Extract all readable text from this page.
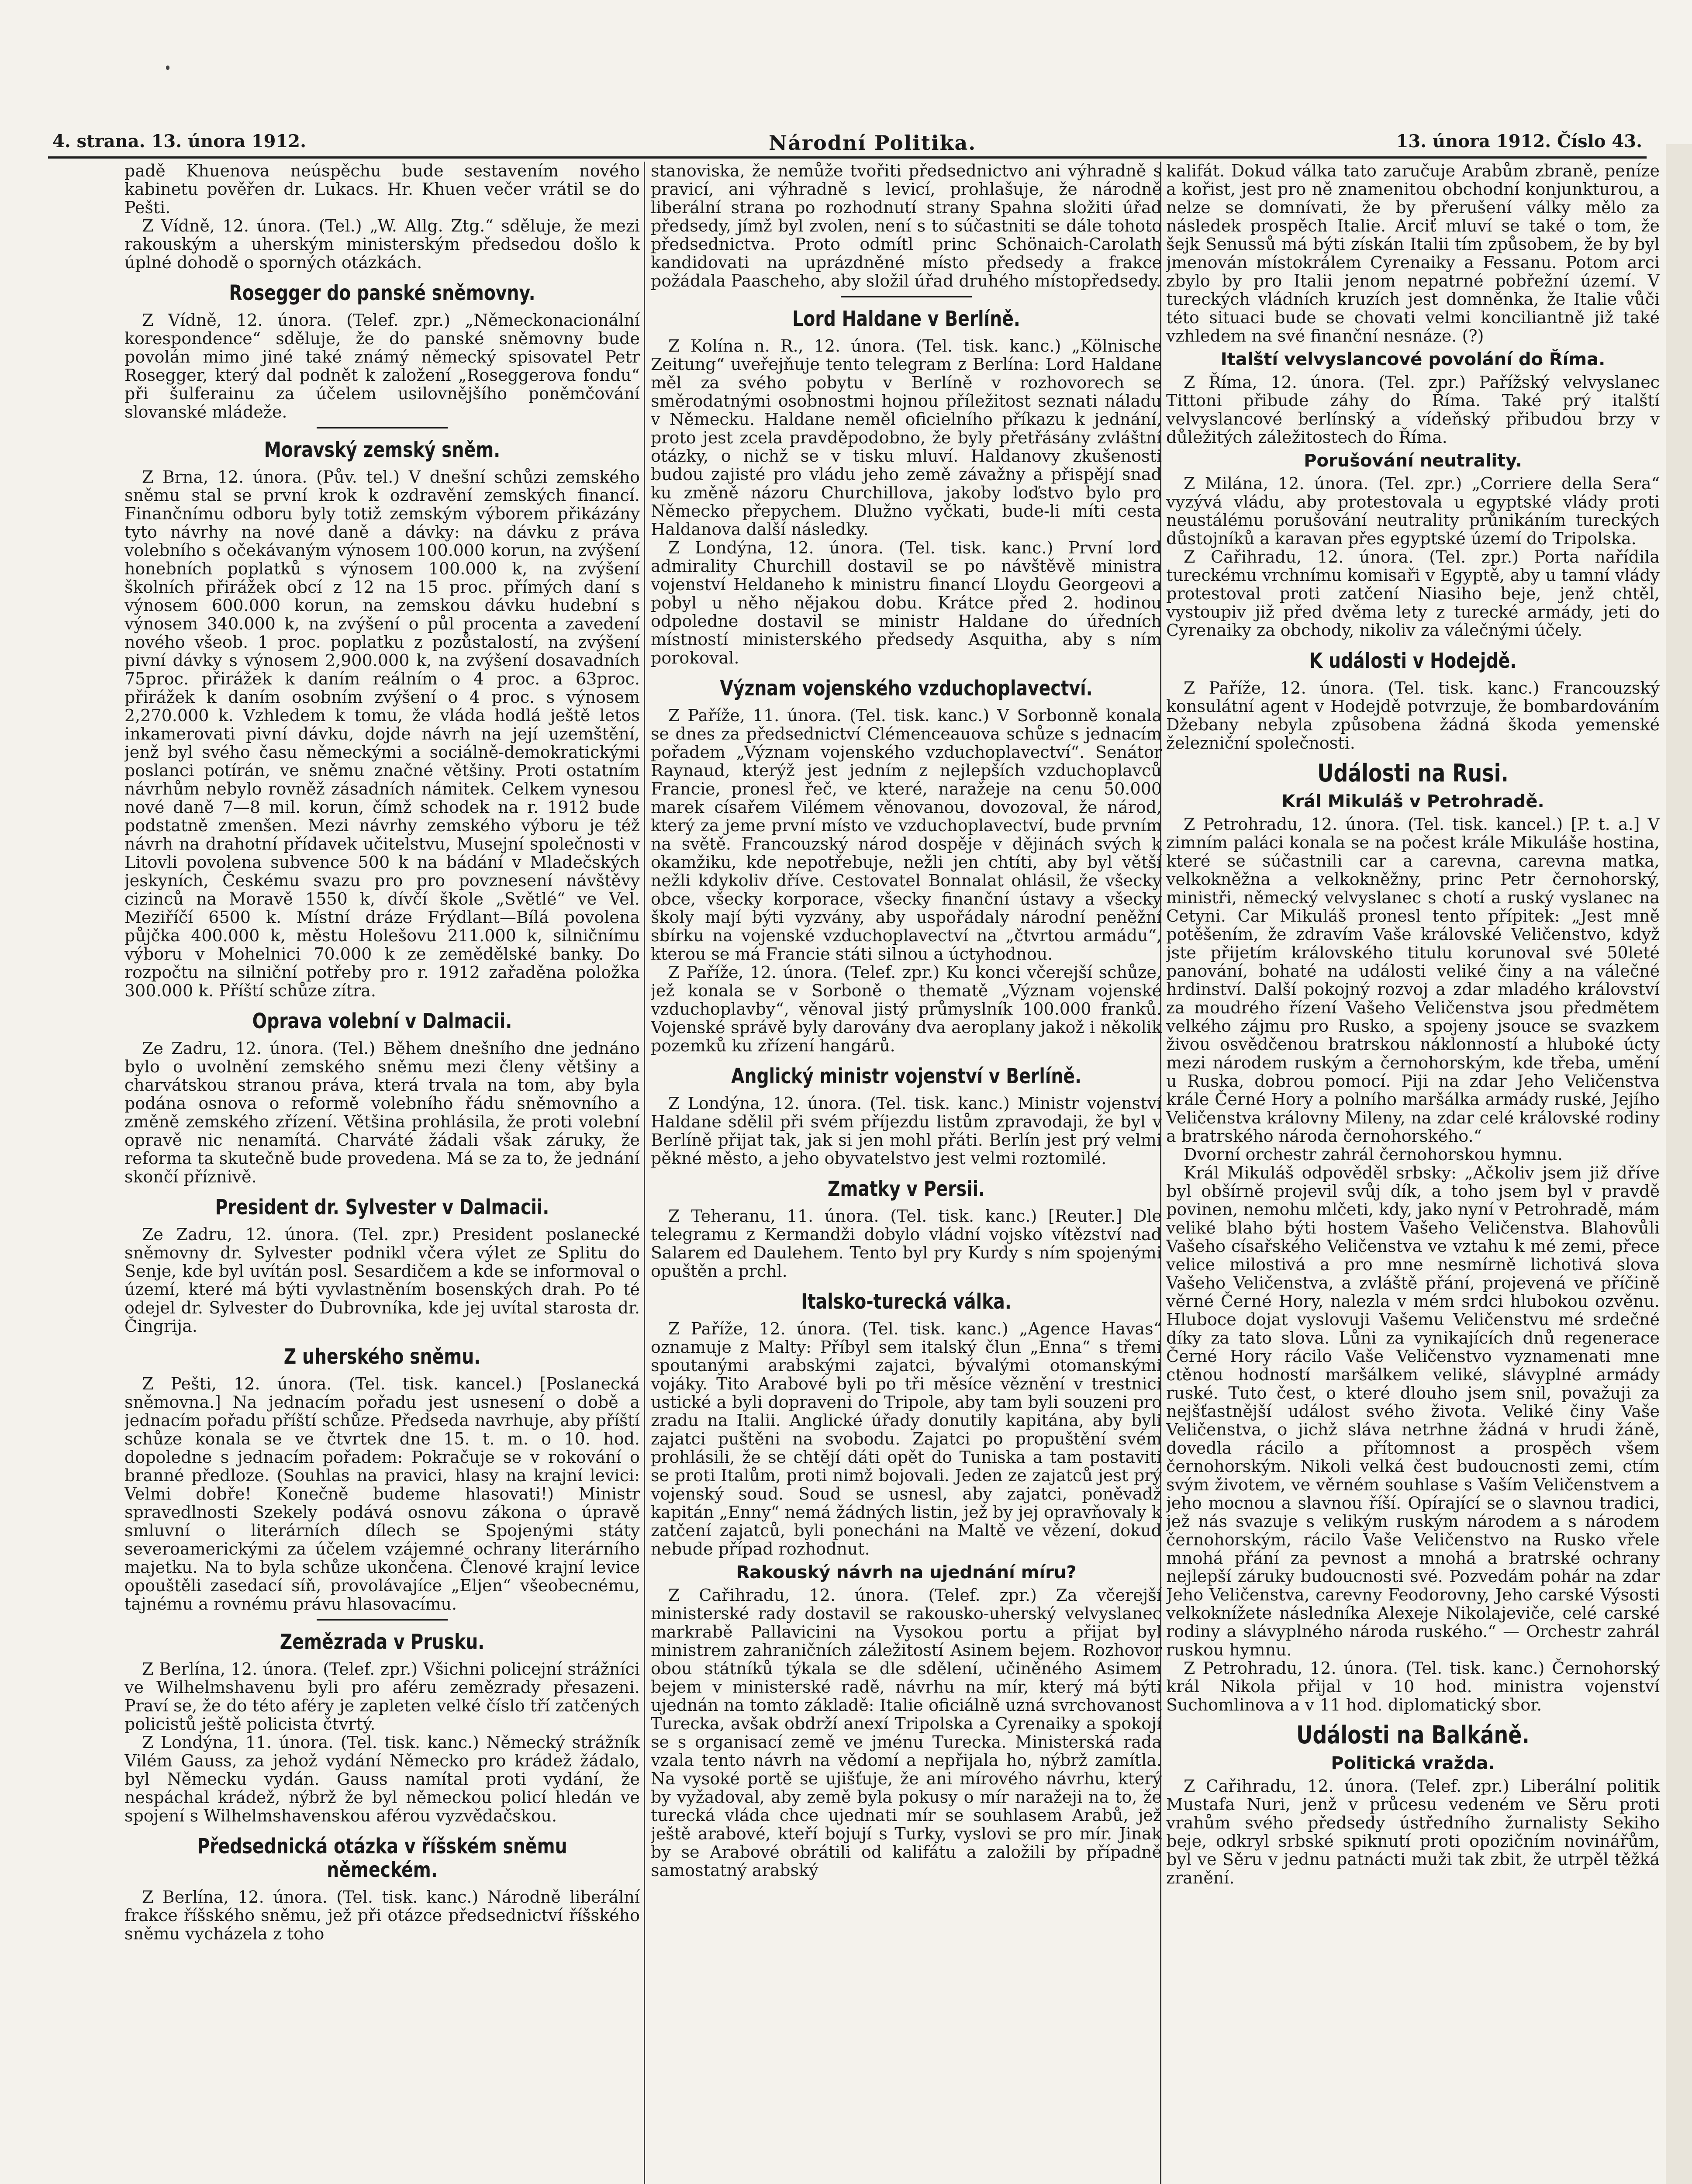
4. strana. 13. února 1912.	Národní Politika.	13. února 1912. Číslo 43.

padě Khuenova neúspěchu bude sestavením nového kabinetu pověřen dr. Lukacs. Hr. Khuen večer vrátil se do Pešti.

Z Vídně, 12. února. (Tel.) „W. Allg. Ztg.“ sděluje, že mezi rakouským a uherským ministerským předsedou došlo k úplné dohodě o sporných otázkách.

Rosegger do panské sněmovny.

Z Vídně, 12. února. (Telef. zpr.) „Německonacionální korespondence“ sděluje, že do panské sněmovny bude povolán mimo jiné také známý německý spisovatel Petr Rosegger, který dal podnět k založení „Roseggerova fondu“ při šulferainu za účelem usilovnějšího poněmčování slovanské mládeže.

Moravský zemský sněm.

Z Brna, 12. února. (Pův. tel.) V dnešní schůzi zemského sněmu stal se první krok k ozdravění zemských financí. Finančnímu odboru byly totiž zemským výborem přikázány tyto návrhy na nové daně a dávky: na dávku z práva volebního s očekávaným výnosem 100.000 korun, na zvýšení honebních poplatků s výnosem 100.000 k, na zvýšení školních přirážek obcí z 12 na 15 proc. přímých daní s výnosem 600.000 korun, na zemskou dávku hudební s výnosem 340.000 k, na zvýšení o půl procenta a zavedení nového všeob. 1 proc. poplatku z pozůstalostí, na zvýšení pivní dávky s výnosem 2,900.000 k, na zvýšení dosavadních 75proc. přirážek k daním reálním o 4 proc. a 63proc. přirážek k daním osobním zvýšení o 4 proc. s výnosem 2,270.000 k. Vzhledem k tomu, že vláda hodlá ještě letos inkamerovati pivní dávku, dojde návrh na její uzemštění, jenž byl svého času německými a sociálně-demokratickými poslanci potírán, ve sněmu značné většiny. Proti ostatním návrhům nebylo rovněž zásadních námitek. Celkem vynesou nové daně 7—8 mil. korun, čímž schodek na r. 1912 bude podstatně zmenšen. Mezi návrhy zemského výboru je též návrh na drahotní přídavek učitelstvu, Musejní společnosti v Litovli povolena subvence 500 k na bádání v Mladečských jeskyních, Českému svazu pro pro povznesení návštěvy cizinců na Moravě 1550 k, dívčí škole „Světlé“ ve Vel. Meziříčí 6500 k. Místní dráze Frýdlant—Bílá povolena půjčka 400.000 k, městu Holešovu 211.000 k, silničnímu výboru v Mohelnici 70.000 k ze zemědělské banky. Do rozpočtu na silniční potřeby pro r. 1912 zařaděna položka 300.000 k. Příští schůze zítra.

Oprava volební v Dalmacii.

Ze Zadru, 12. února. (Tel.) Během dnešního dne jednáno bylo o uvolnění zemského sněmu mezi členy většiny a charvátskou stranou práva, která trvala na tom, aby byla podána osnova o reformě volebního řádu sněmovního a změně zemského zřízení. Většina prohlásila, že proti volební opravě nic nenamítá. Charváté žádali však záruky, že reforma ta skutečně bude provedena. Má se za to, že jednání skončí příznivě.

President dr. Sylvester v Dalmacii.

Ze Zadru, 12. února. (Tel. zpr.) President poslanecké sněmovny dr. Sylvester podnikl včera výlet ze Splitu do Senje, kde byl uvítán posl. Sesardičem a kde se informoval o území, které má býti vyvlastněním bosenských drah. Po té odejel dr. Sylvester do Dubrovníka, kde jej uvítal starosta dr. Čingrija.

Z uherského sněmu.

Z Pešti, 12. února. (Tel. tisk. kancel.) [Poslanecká sněmovna.] Na jednacím pořadu jest usnesení o době a jednacím pořadu příští schůze. Předseda navrhuje, aby příští schůze konala se ve čtvrtek dne 15. t. m. o 10. hod. dopoledne s jednacím pořadem: Pokračuje se v rokování o branné předloze. (Souhlas na pravici, hlasy na krajní levici: Velmi dobře! Konečně budeme hlasovati!) Ministr spravedlnosti Szekely podává osnovu zákona o úpravě smluvní o literárních dílech se Spojenými státy severoamerickými za účelem vzájemné ochrany literárního majetku. Na to byla schůze ukončena. Členové krajní levice opouštěli zasedací síň, provolávajíce „Eljen“ všeobecnému, tajnému a rovnému právu hlasovacímu.

Zemězrada v Prusku.

Z Berlína, 12. února. (Telef. zpr.) Všichni policejní strážníci ve Wilhelmshavenu byli pro aféru zemězrady přesazeni. Praví se, že do této aféry je zapleten velké číslo tří zatčených policistů ještě policista čtvrtý.

Z Londýna, 11. února. (Tel. tisk. kanc.) Německý strážník Vilém Gauss, za jehož vydání Německo pro krádež žádalo, byl Německu vydán. Gauss namítal proti vydání, že nespáchal krádež, nýbrž že byl německou policí hledán ve spojení s Wilhelmshavenskou aférou vyzvědačskou.

Předsednická otázka v říšském sněmu německém.

Z Berlína, 12. února. (Tel. tisk. kanc.) Národně liberální frakce říšského sněmu, jež při otázce předsednictví říšského sněmu vycházela z toho

stanoviska, že nemůže tvořiti předsednictvo ani výhradně s pravicí, ani výhradně s levicí, prohlašuje, že národně liberální strana po rozhodnutí strany Spahna složiti úřad předsedy, jímž byl zvolen, není s to súčastniti se dále tohoto předsednictva. Proto odmítl princ Schönaich-Carolath kandidovati na uprázdněné místo předsedy a frakce požádala Paascheho, aby složil úřad druhého místopředsedy.

Lord Haldane v Berlíně.

Z Kolína n. R., 12. února. (Tel. tisk. kanc.) „Kölnische Zeitung“ uveřejňuje tento telegram z Berlína: Lord Haldane měl za svého pobytu v Berlíně v rozhovorech se směrodatnými osobnostmi hojnou příležitost seznati náladu v Německu. Haldane neměl oficielního příkazu k jednání, proto jest zcela pravděpodobno, že byly přetřásány zvláštní otázky, o nichž se v tisku mluví. Haldanovy zkušenosti budou zajisté pro vládu jeho země závažny a přispějí snad ku změně názoru Churchillova, jakoby loďstvo bylo pro Německo přepychem. Dlužno vyčkati, bude-li míti cesta Haldanova další následky.

Z Londýna, 12. února. (Tel. tisk. kanc.) První lord admirality Churchill dostavil se po návštěvě ministra vojenství Heldaneho k ministru financí Lloydu Georgeovi a pobyl u něho nějakou dobu. Krátce před 2. hodinou odpoledne dostavil se ministr Haldane do úředních místností ministerského předsedy Asquitha, aby s ním porokoval.

Význam vojenského vzduchoplavectví.

Z Paříže, 11. února. (Tel. tisk. kanc.) V Sorbonně konala se dnes za předsednictví Clémenceauova schůze s jednacím pořadem „Význam vojenského vzduchoplavectví“. Senátor Raynaud, kterýž jest jedním z nejlepších vzduchoplavců Francie, pronesl řeč, ve které, naražeje na cenu 50.000 marek císařem Vilémem věnovanou, dovozoval, že národ, který za jeme první místo ve vzduchoplavectví, bude prvním na světě. Francouzský národ dospěje v dějinách svých k okamžiku, kde nepotřebuje, nežli jen chtíti, aby byl větší nežli kdykoliv dříve. Cestovatel Bonnalat ohlásil, že všecky obce, všecky korporace, všecky finanční ústavy a všecky školy mají býti vyzvány, aby uspořádaly národní peněžní sbírku na vojenské vzduchoplavectví na „čtvrtou armádu“, kterou se má Francie státi silnou a úctyhodnou.

Z Paříže, 12. února. (Telef. zpr.) Ku konci včerejší schůze, jež konala se v Sorboně o thematě „Význam vojenské vzduchoplavby“, věnoval jistý průmyslník 100.000 franků. Vojenské správě byly darovány dva aeroplany jakož i několik pozemků ku zřízení hangárů.

Anglický ministr vojenství v Berlíně.

Z Londýna, 12. února. (Tel. tisk. kanc.) Ministr vojenství Haldane sdělil při svém příjezdu listům zpravodaji, že byl v Berlíně přijat tak, jak si jen mohl přáti. Berlín jest prý velmi pěkné město, a jeho obyvatelstvo jest velmi roztomilé.

Zmatky v Persii.

Z Teheranu, 11. února. (Tel. tisk. kanc.) [Reuter.] Dle telegramu z Kermandži dobylo vládní vojsko vítězství nad Salarem ed Daulehem. Tento byl pry Kurdy s ním spojenými opuštěn a prchl.

Italsko-turecká válka.

Z Paříže, 12. února. (Tel. tisk. kanc.) „Agence Havas“ oznamuje z Malty: Příbyl sem italský člun „Enna“ s třemi spoutanými arabskými zajatci, bývalými otomanskými vojáky. Tito Arabové byli po tři měsíce věznění v trestnici ustické a byli dopraveni do Tripole, aby tam byli souzeni pro zradu na Italii. Anglické úřady donutily kapitána, aby byli zajatci puštěni na svobodu. Zajatci po propuštění svém prohlásili, že se chtějí dáti opět do Tuniska a tam postaviti se proti Italům, proti nimž bojovali. Jeden ze zajatců jest prý vojenský soud. Soud se usnesl, aby zajatci, poněvadž kapitán „Enny“ nemá žádných listin, jež by jej opravňovaly k zatčení zajatců, byli ponecháni na Maltě ve vězení, dokud nebude případ rozhodnut.

Rakouský návrh na ujednání míru?

Z Cařihradu, 12. února. (Telef. zpr.) Za včerejší ministerské rady dostavil se rakousko-uherský velvyslanec markrabě Pallavicini na Vysokou portu a přijat byl ministrem zahraničních záležitostí Asinem bejem. Rozhovor obou státníků týkala se dle sdělení, učiněného Asimem bejem v ministerské radě, návrhu na mír, který má býti ujednán na tomto základě: Italie oficiálně uzná svrchovanost Turecka, avšak obdrží anexí Tripolska a Cyrenaiky a spokojí se s organisací země ve jménu Turecka. Ministerská rada vzala tento návrh na vědomí a nepřijala ho, nýbrž zamítla. Na vysoké portě se ujišťuje, že ani mírového návrhu, který by vyžadoval, aby země byla pokusy o mír naražeji na to, že turecká vláda chce ujednati mír se souhlasem Arabů, jež ještě arabové, kteří bojují s Turky, vyslovi se pro mír. Jinak by se Arabové obrátili od kalifátu a založili by případně samostatný arabský

kalifát. Dokud válka tato zaručuje Arabům zbraně, peníze a kořist, jest pro ně znamenitou obchodní konjunkturou, a nelze se domnívati, že by přerušení války mělo za následek prospěch Italie. Arciť mluví se také o tom, že šejk Senussů má býti získán Italii tím způsobem, že by byl jmenován místokrálem Cyrenaiky a Fessanu. Potom arci zbylo by pro Italii jenom nepatrné pobřežní území. V tureckých vládních kruzích jest domněnka, že Italie vůči této situaci bude se chovati velmi konciliantně již také vzhledem na své finanční nesnáze. (?)

Italští velvyslancové povolání do Říma.

Z Říma, 12. února. (Tel. zpr.) Pařížský velvyslanec Tittoni přibude záhy do Říma. Také prý italští velvyslancové berlínský a vídeňský přibudou brzy v důležitých záležitostech do Říma.

Porušování neutrality.

Z Milána, 12. února. (Tel. zpr.) „Corriere della Sera“ vyzývá vládu, aby protestovala u egyptské vlády proti neustálému porušování neutrality průnikáním tureckých důstojníků a karavan přes egyptské území do Tripolska.

Z Cařihradu, 12. února. (Tel. zpr.) Porta nařídila tureckému vrchnímu komisaři v Egyptě, aby u tamní vlády protestoval proti zatčení Niasiho beje, jenž chtěl, vystoupiv již před dvěma lety z turecké armády, jeti do Cyrenaiky za obchody, nikoliv za válečnými účely.

K události v Hodejdě.

Z Paříže, 12. února. (Tel. tisk. kanc.) Francouzský konsulátní agent v Hodejdě potvrzuje, že bombardováním Džebany nebyla způsobena žádná škoda yemenské železniční společnosti.

Události na Rusi.
Král Mikuláš v Petrohradě.

Z Petrohradu, 12. února. (Tel. tisk. kancel.) [P. t. a.] V zimním paláci konala se na počest krále Mikuláše hostina, které se súčastnili car a carevna, carevna matka, velkokněžna a velkokněžny, princ Petr černohorský, ministři, německý velvyslanec s chotí a ruský vyslanec na Cetyni. Car Mikuláš pronesl tento přípitek: „Jest mně potěšením, že zdravím Vaše královské Veličenstvo, když jste přijetím královského titulu korunoval své 50leté panování, bohaté na události veliké činy a na válečné hrdinství. Další pokojný rozvoj a zdar mladého království za moudrého řízení Vašeho Veličenstva jsou předmětem velkého zájmu pro Rusko, a spojeny jsouce se svazkem živou osvědčenou bratrskou náklonností a hluboké úcty mezi národem ruským a černohorským, kde třeba, umění u Ruska, dobrou pomocí. Piji na zdar Jeho Veličenstva krále Černé Hory a polního maršálka armády ruské, Jejího Veličenstva královny Mileny, na zdar celé královské rodiny a bratrského národa černohorského.“

Dvorní orchestr zahrál černohorskou hymnu.

Král Mikuláš odpověděl srbsky: „Ačkoliv jsem již dříve byl obšírně projevil svůj dík, a toho jsem byl v pravdě povinen, nemohu mlčeti, kdy, jako nyní v Petrohradě, mám veliké blaho býti hostem Vašeho Veličenstva. Blahovůli Vašeho císařského Veličenstva ve vztahu k mé zemi, přece velice milostivá a pro mne nesmírně lichotivá slova Vašeho Veličenstva, a zvláště přání, projevená ve příčině věrné Černé Hory, nalezla v mém srdci hlubokou ozvěnu. Hluboce dojat vyslovuji Vašemu Veličenstvu mé srdečné díky za tato slova. Lůni za vynikajících dnů regenerace Černé Hory rácilo Vaše Veličenstvo vyznamenati mne ctěnou hodností maršálkem veliké, slávyplné armády ruské. Tuto čest, o které dlouho jsem snil, považuji za nejšťastnější událost svého života. Veliké činy Vaše Veličenstva, o jichž sláva netrhne žádná v hrudi žáně, dovedla rácilo a přítomnost a prospěch všem černohorským. Nikoli velká čest budoucnosti zemi, ctím svým životem, ve věrném souhlase s Vaším Veličenstvem a jeho mocnou a slavnou říší. Opírající se o slavnou tradici, jež nás svazuje s velikým ruským národem a s národem černohorským, rácilo Vaše Veličenstvo na Rusko vřele mnohá přání za pevnost a mnohá a bratrské ochrany nejlepší záruky budoucnosti své. Pozvedám pohár na zdar Jeho Veličenstva, carevny Feodorovny, Jeho carské Výsosti velkoknížete následníka Alexeje Nikolajeviče, celé carské rodiny a slávyplného národa ruského.“ — Orchestr zahrál ruskou hymnu.

Z Petrohradu, 12. února. (Tel. tisk. kanc.) Černohorský král Nikola přijal v 10 hod. ministra vojenství Suchomlinova a v 11 hod. diplomatický sbor.

Události na Balkáně.
Politická vražda.

Z Cařihradu, 12. února. (Telef. zpr.) Liberální politik Mustafa Nuri, jenž v průcesu vedeném ve Sěru proti vrahům svého předsedy ústředního žurnalisty Sekiho beje, odkryl srbské spiknutí proti opozičním novinářům, byl ve Sěru v jednu patnácti muži tak zbit, že utrpěl těžká zranění.
